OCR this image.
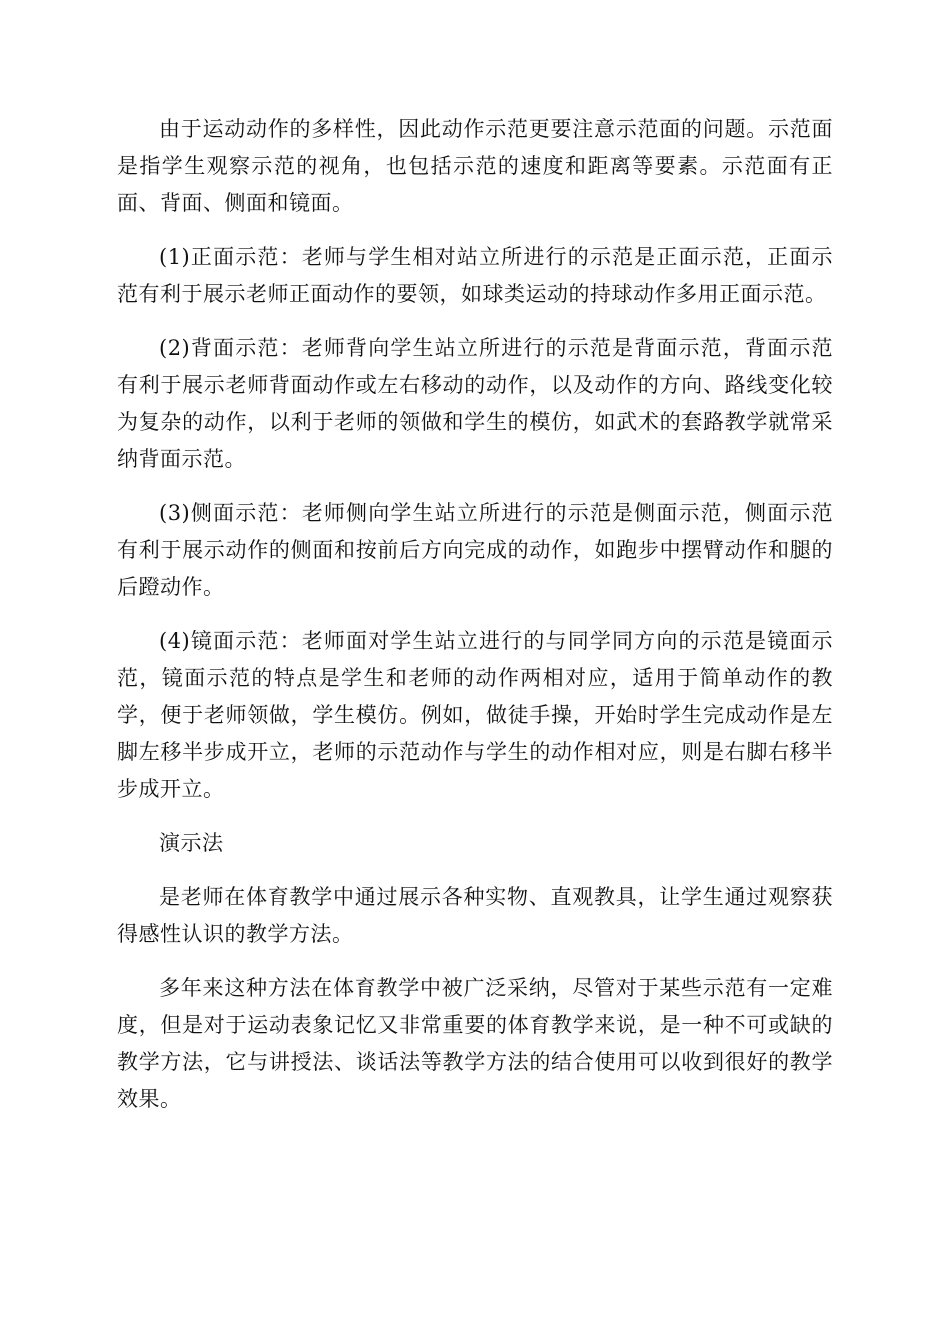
由于运动动作的多样性，因此动作示范更要注意示范面的问题。示范面是指学生观察示范的视角，也包括示范的速度和距离等要素。示范面有正面、背面、侧面和镜面。

(1)正面示范：老师与学生相对站立所进行的示范是正面示范，正面示范有利于展示老师正面动作的要领，如球类运动的持球动作多用正面示范。

(2)背面示范：老师背向学生站立所进行的示范是背面示范，背面示范有利于展示老师背面动作或左右移动的动作，以及动作的方向、路线变化较为复杂的动作，以利于老师的领做和学生的模仿，如武术的套路教学就常采纳背面示范。

(3)侧面示范：老师侧向学生站立所进行的示范是侧面示范，侧面示范有利于展示动作的侧面和按前后方向完成的动作，如跑步中摆臂动作和腿的后蹬动作。

(4)镜面示范：老师面对学生站立进行的与同学同方向的示范是镜面示范，镜面示范的特点是学生和老师的动作两相对应，适用于简单动作的教学，便于老师领做，学生模仿。例如，做徒手操，开始时学生完成动作是左脚左移半步成开立，老师的示范动作与学生的动作相对应，则是右脚右移半步成开立。

演示法

是老师在体育教学中通过展示各种实物、直观教具，让学生通过观察获得感性认识的教学方法。

多年来这种方法在体育教学中被广泛采纳，尽管对于某些示范有一定难度，但是对于运动表象记忆又非常重要的体育教学来说，是一种不可或缺的教学方法，它与讲授法、谈话法等教学方法的结合使用可以收到很好的教学效果。
